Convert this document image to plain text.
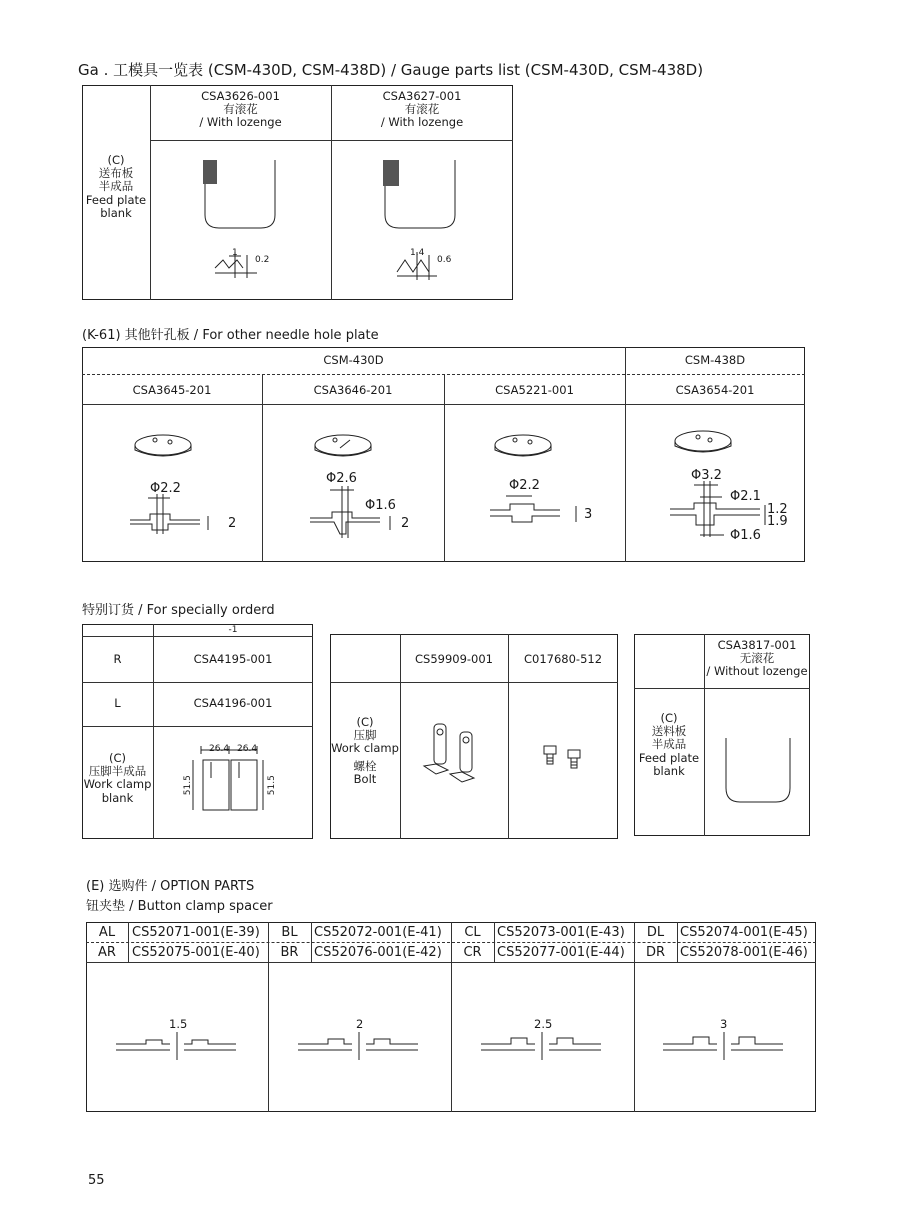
Ga . 工模具一览表 (CSM-430D, CSM-438D) / Gauge parts list (CSM-430D, CSM-438D)
(C)
送布板
半成品
Feed plate
blank
CSA3626-001
有滚花
/ With lozenge
CSA3627-001
有滚花
/ With lozenge
1
0.2
1.4
0.6
(K-61) 其他针孔板 / For other needle hole plate
CSM-430D	CSM-438D
CSA3645-201	CSA3646-201	CSA5221-001	CSA3654-201
Φ2.2
2
Φ2.6
Φ1.6
2
Φ2.2
3
Φ3.2
Φ2.1
1.2
1.9
Φ1.6
特别订货 / For specially orderd
-1
R	CSA4195-001
L	CSA4196-001
(C)
压脚半成品
Work clamp
blank
26.4 26.4
51.5	51.5
CS59909-001	C017680-512
(C)
压脚
Work clamp
螺栓
Bolt
CSA3817-001
无滚花
/ Without lozenge
(C)
送料板
半成品
Feed plate
blank
(E) 选购件 / OPTION PARTS
钮夹垫 / Button clamp spacer
AL	CS52071-001(E-39)	BL	CS52072-001(E-41)	CL	CS52073-001(E-43)	DL	CS52074-001(E-45)
AR	CS52075-001(E-40)	BR	CS52076-001(E-42)	CR	CS52077-001(E-44)	DR	CS52078-001(E-46)
1.5	2	2.5	3
55
